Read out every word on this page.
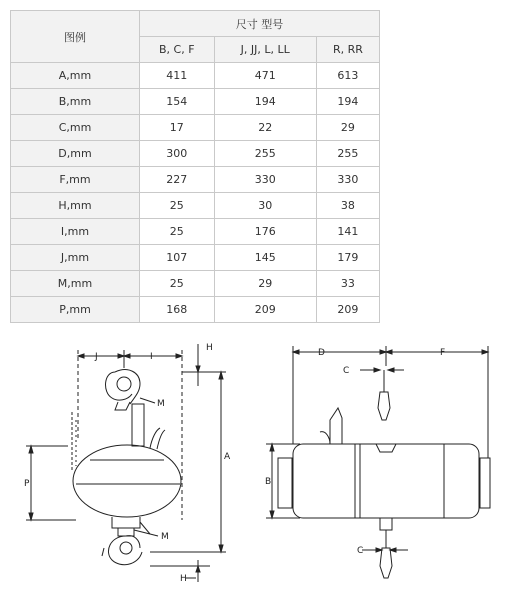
图例	尺寸 型号		
	B, C, F	J, JJ, L, LL	R, RR
A,mm	411	471	613
B,mm	154	194	194
C,mm	17	22	29
D,mm	300	255	255
F,mm	227	330	330
H,mm	25	30	38
I,mm	25	176	141
J,mm	107	145	179
M,mm	25	29	33
P,mm	168	209	209
J	I
H
M
A
P
M
H
D	F
C
B
C
